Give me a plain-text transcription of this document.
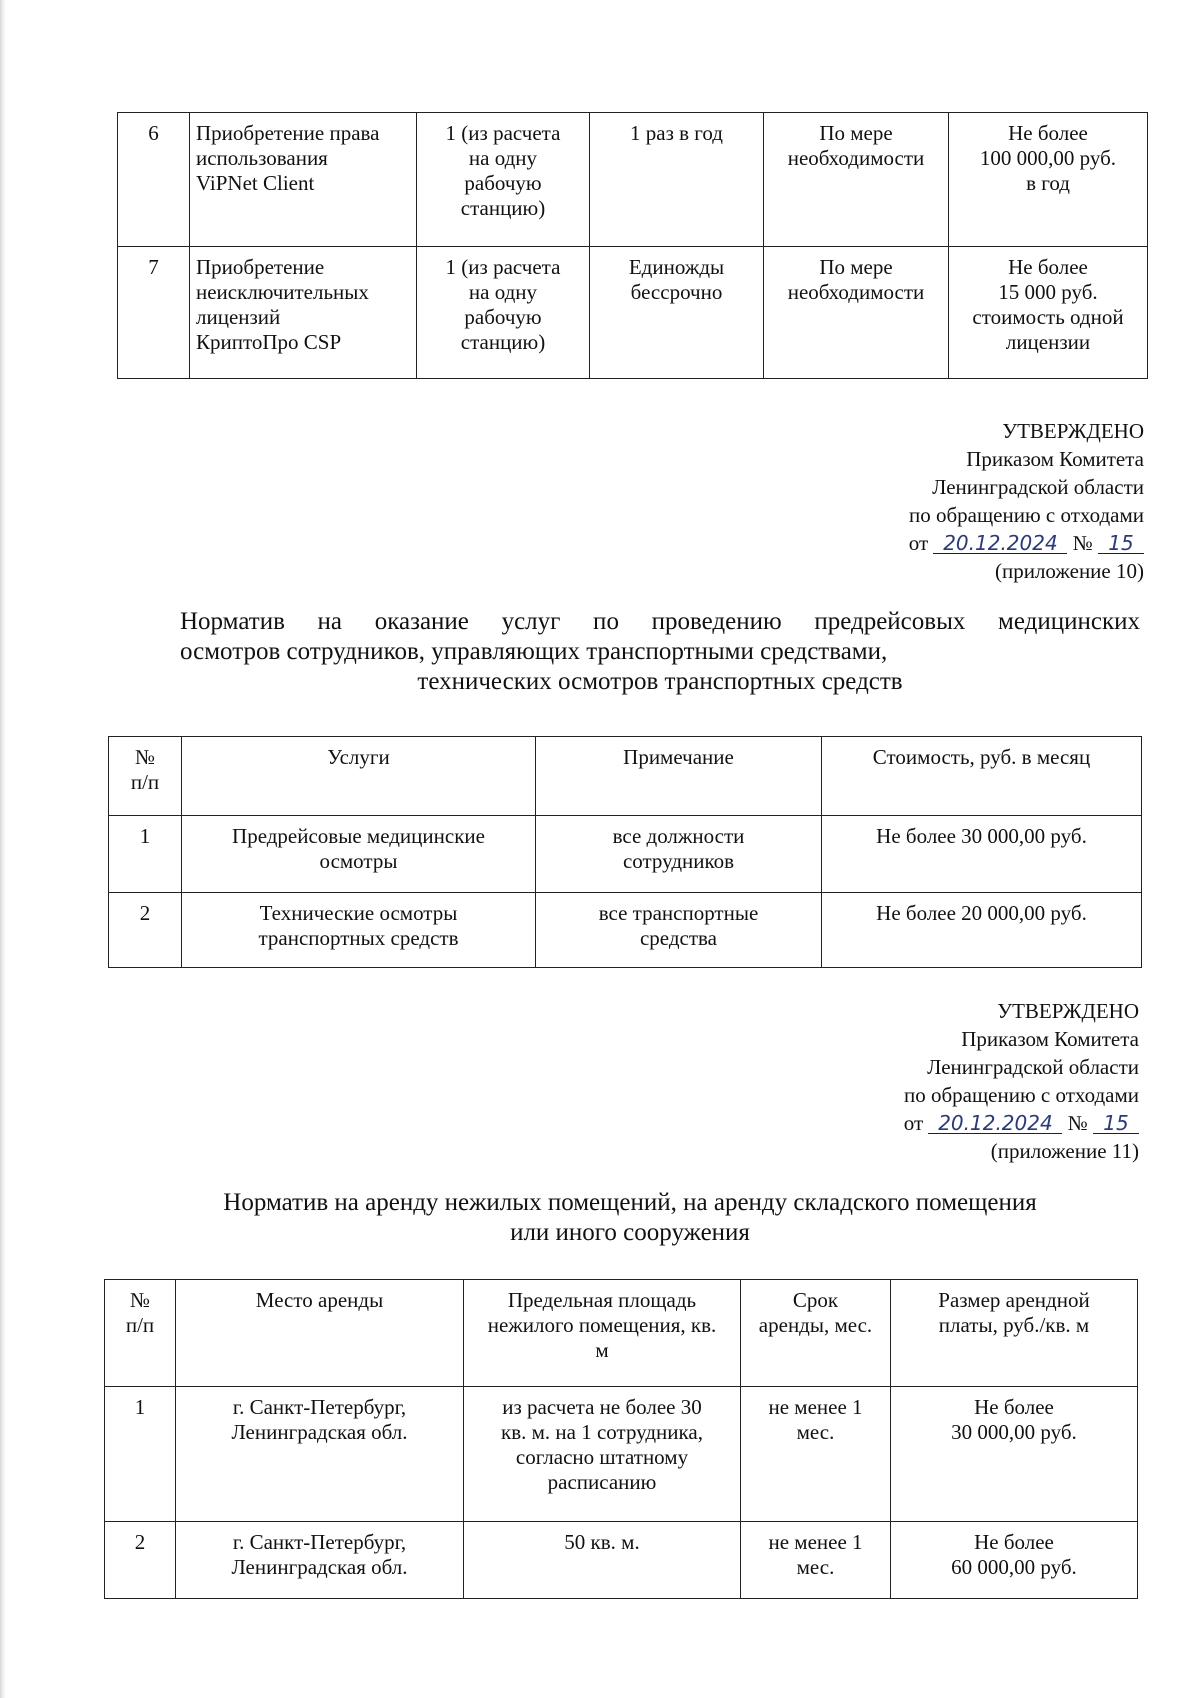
6	Приобретение права
использования
ViPNet Client	1 (из расчета
на одну
рабочую
станцию)	1 раз в год	По мере
необходимости	Не более
100 000,00 руб.
в год
7	Приобретение
неисключительных
лицензий
КриптоПро CSP	1 (из расчета
на одну
рабочую
станцию)	Единожды
бессрочно	По мере
необходимости	Не более
15 000 руб.
стоимость одной
лицензии
УТВЕРЖДЕНО
Приказом Комитета
Ленинградской области
по обращению с отходами
от 20.12.2024 № 15
(приложение 10)
Норматив на оказание услуг по проведению предрейсовых медицинских
осмотров сотрудников, управляющих транспортными средствами,
технических осмотров транспортных средств
№
п/п	Услуги	Примечание	Стоимость, руб. в месяц
1	Предрейсовые медицинские
осмотры	все должности
сотрудников	Не более 30 000,00 руб.
2	Технические осмотры
транспортных средств	все транспортные
средства	Не более 20 000,00 руб.
УТВЕРЖДЕНО
Приказом Комитета
Ленинградской области
по обращению с отходами
от 20.12.2024 № 15
(приложение 11)
Норматив на аренду нежилых помещений, на аренду складского помещения
или иного сооружения
№
п/п	Место аренды	Предельная площадь
нежилого помещения, кв.
м	Срок
аренды, мес.	Размер арендной
платы, руб./кв. м
1	г. Санкт-Петербург,
Ленинградская обл.	из расчета не более 30
кв. м. на 1 сотрудника,
согласно штатному
расписанию	не менее 1
мес.	Не более
30 000,00 руб.
2	г. Санкт-Петербург,
Ленинградская обл.	50 кв. м.	не менее 1
мес.	Не более
60 000,00 руб.
